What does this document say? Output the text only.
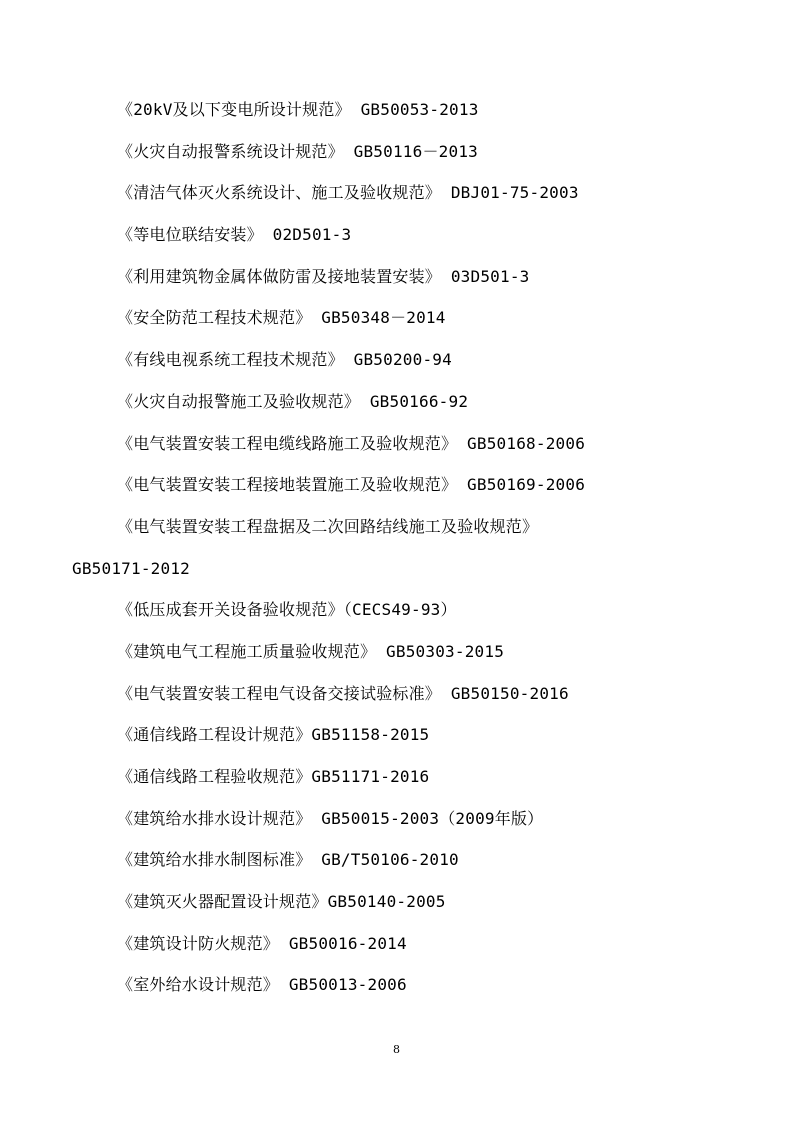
《20kV及以下变电所设计规范》 GB50053-2013
《火灾自动报警系统设计规范》 GB50116－2013
《清洁气体灭火系统设计、施工及验收规范》 DBJ01-75-2003
《等电位联结安装》 02D501-3
《利用建筑物金属体做防雷及接地装置安装》 03D501-3
《安全防范工程技术规范》 GB50348－2014
《有线电视系统工程技术规范》 GB50200-94
《火灾自动报警施工及验收规范》 GB50166-92
《电气装置安装工程电缆线路施工及验收规范》 GB50168-2006
《电气装置安装工程接地装置施工及验收规范》 GB50169-2006
《电气装置安装工程盘据及二次回路结线施工及验收规范》
GB50171-2012
《低压成套开关设备验收规范》（CECS49-93）
《建筑电气工程施工质量验收规范》 GB50303-2015
《电气装置安装工程电气设备交接试验标准》 GB50150-2016
《通信线路工程设计规范》GB51158-2015
《通信线路工程验收规范》GB51171-2016
《建筑给水排水设计规范》 GB50015-2003（2009年版）
《建筑给水排水制图标准》 GB/T50106-2010
《建筑灭火器配置设计规范》GB50140-2005
《建筑设计防火规范》 GB50016-2014
《室外给水设计规范》 GB50013-2006
8
